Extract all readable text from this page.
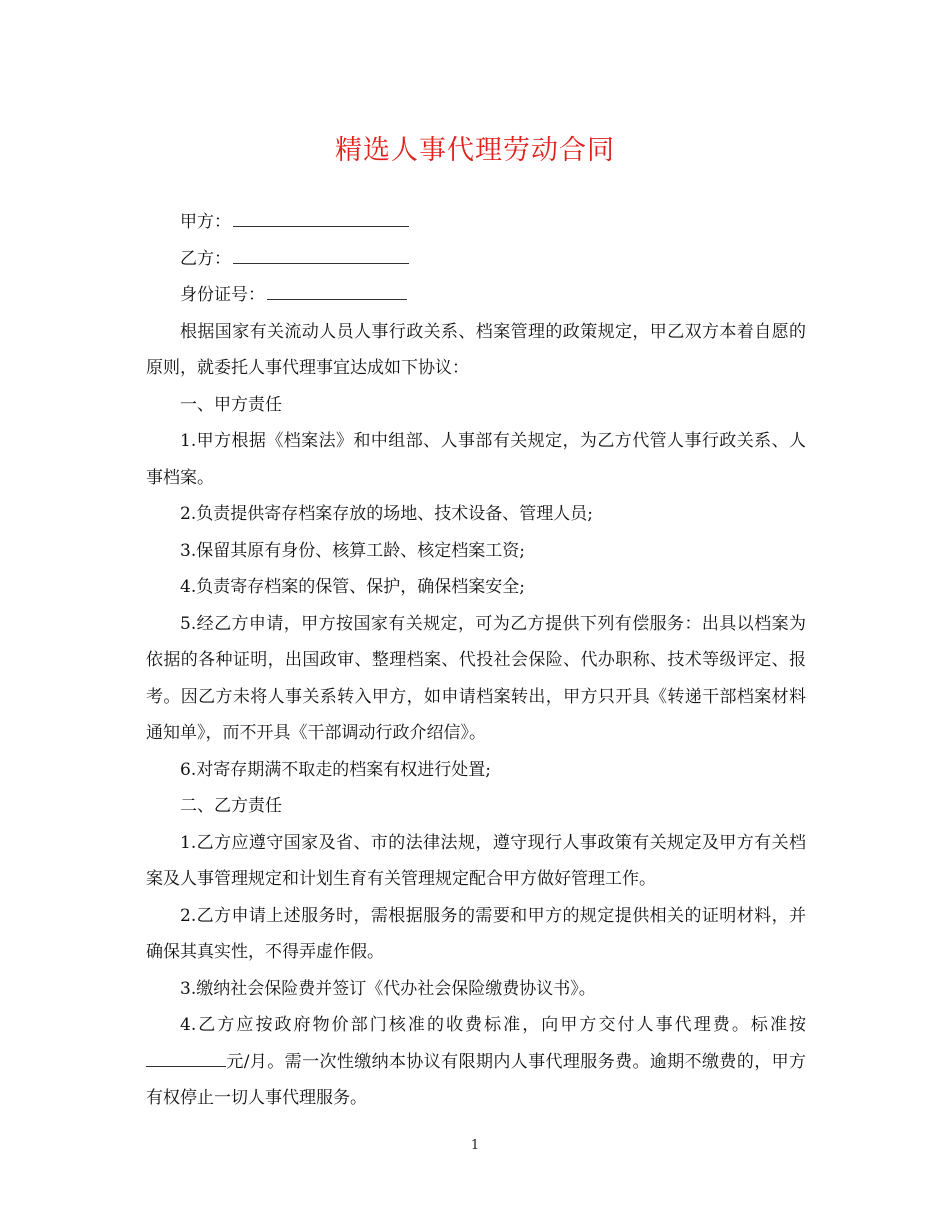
精选人事代理劳动合同

甲方：

乙方：

身份证号：

根据国家有关流动人员人事行政关系、档案管理的政策规定，甲乙双方本着自愿的原则，就委托人事代理事宜达成如下协议：

一、甲方责任

1.甲方根据《档案法》和中组部、人事部有关规定，为乙方代管人事行政关系、人事档案。

2.负责提供寄存档案存放的场地、技术设备、管理人员;

3.保留其原有身份、核算工龄、核定档案工资;

4.负责寄存档案的保管、保护，确保档案安全;

5.经乙方申请，甲方按国家有关规定，可为乙方提供下列有偿服务：出具以档案为依据的各种证明，出国政审、整理档案、代投社会保险、代办职称、技术等级评定、报考。因乙方未将人事关系转入甲方，如申请档案转出，甲方只开具《转递干部档案材料通知单》，而不开具《干部调动行政介绍信》。

6.对寄存期满不取走的档案有权进行处置;

二、乙方责任

1.乙方应遵守国家及省、市的法律法规，遵守现行人事政策有关规定及甲方有关档案及人事管理规定和计划生育有关管理规定配合甲方做好管理工作。

2.乙方申请上述服务时，需根据服务的需要和甲方的规定提供相关的证明材料，并确保其真实性，不得弄虚作假。

3.缴纳社会保险费并签订《代办社会保险缴费协议书》。

4.乙方应按政府物价部门核准的收费标准，向甲方交付人事代理费。标准按元/月。需一次性缴纳本协议有限期内人事代理服务费。逾期不缴费的，甲方有权停止一切人事代理服务。

1
